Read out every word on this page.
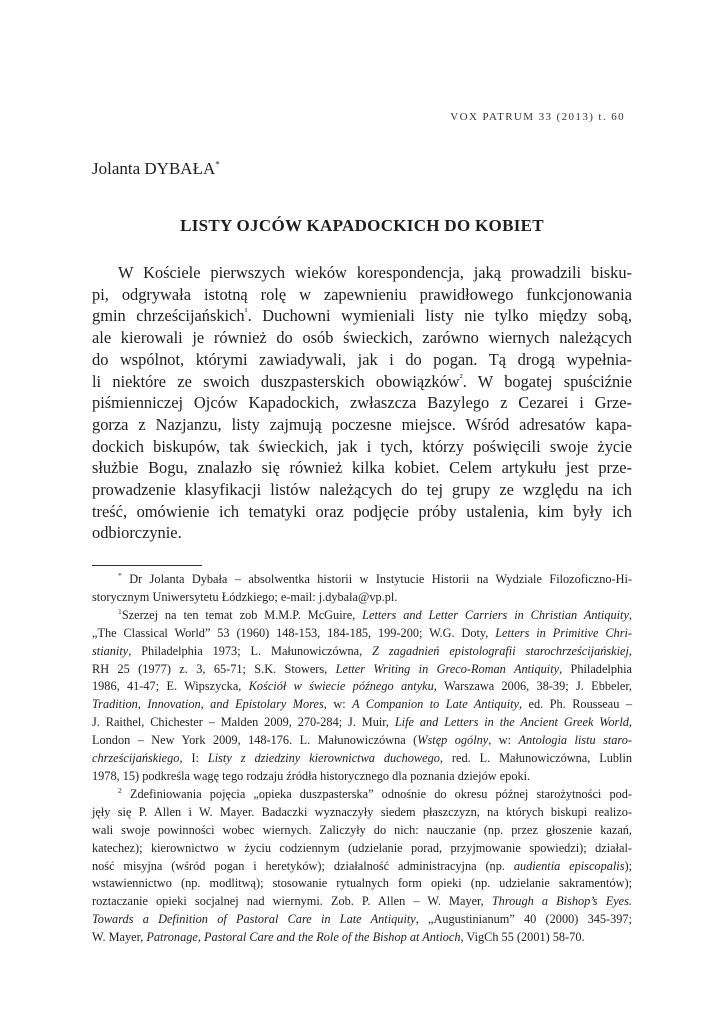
VOX PATRUM 33 (2013) t. 60
Jolanta DYBAŁA*
LISTY OJCÓW KAPADOCKICH DO KOBIET
W Kościele pierwszych wieków korespondencja, jaką prowadzili bisku-
pi, odgrywała istotną rolę w zapewnieniu prawidłowego funkcjonowania
gmin chrześcijańskich$^{^1}$. Duchowni wymieniali listy nie tylko między sobą,
ale kierowali je również do osób świeckich, zarówno wiernych należących
do wspólnot, którymi zawiadywali, jak i do pogan. Tą drogą wypełnia-
li niektóre ze swoich duszpasterskich obowiązków$^{^2}$. W bogatej spuściźnie
piśmienniczej Ojców Kapadockich, zwłaszcza Bazylego z Cezarei i Grze-
gorza z Nazjanzu, listy zajmują poczesne miejsce. Wśród adresatów kapa-
dockich biskupów, tak świeckich, jak i tych, którzy poświęcili swoje życie
służbie Bogu, znalazło się również kilka kobiet. Celem artykułu jest prze-
prowadzenie klasyfikacji listów należących do tej grupy ze względu na ich
treść, omówienie ich tematyki oraz podjęcie próby ustalenia, kim były ich
odbiorczynie.
* Dr Jolanta Dybała – absolwentka historii w Instytucie Historii na Wydziale Filozoficzno-Hi-
storycznym Uniwersytetu Łódzkiego; e-mail: j.dybala@vp.pl.
$^1$Szerzej na ten temat zob M.M.P. McGuire, Letters and Letter Carriers in Christian Antiquity,
„The Classical World” 53 (1960) 148-153, 184-185, 199-200; W.G. Doty, Letters in Primitive Chri-
stianity, Philadelphia 1973; L. Małunowiczówna, Z zagadnień epistolografii starochrześcijańskiej,
RH 25 (1977) z. 3, 65-71; S.K. Stowers, Letter Writing in Greco-Roman Antiquity, Philadelphia
1986, 41-47; E. Wipszycka, Kościół w świecie późnego antyku, Warszawa 2006, 38-39; J. Ebbeler,
Tradition, Innovation, and Epistolary Mores, w: A Companion to Late Antiquity, ed. Ph. Rousseau –
J. Raithel, Chichester – Malden 2009, 270-284; J. Muir, Life and Letters in the Ancient Greek World,
London – New York 2009, 148-176. L. Małunowiczówna (Wstęp ogólny, w: Antologia listu staro-
chrześcijańskiego, I: Listy z dziedziny kierownictwa duchowego, red. L. Małunowiczówna, Lublin
1978, 15) podkreśla wagę tego rodzaju źródła historycznego dla poznania dziejów epoki.
$^2$ Zdefiniowania pojęcia „opieka duszpasterska” odnośnie do okresu późnej starożytności pod-
jęły się P. Allen i W. Mayer. Badaczki wyznaczyły siedem płaszczyzn, na których biskupi realizo-
wali swoje powinności wobec wiernych. Zaliczyły do nich: nauczanie (np. przez głoszenie kazań,
katechez); kierownictwo w życiu codziennym (udzielanie porad, przyjmowanie spowiedzi); działal-
ność misyjna (wśród pogan i heretyków); działalność administracyjna (np. audientia episcopalis);
wstawiennictwo (np. modlitwą); stosowanie rytualnych form opieki (np. udzielanie sakramentów);
roztaczanie opieki socjalnej nad wiernymi. Zob. P. Allen – W. Mayer, Through a Bishop’s Eyes.
Towards a Definition of Pastoral Care in Late Antiquity, „Augustinianum” 40 (2000) 345-397;
W. Mayer, Patronage, Pastoral Care and the Role of the Bishop at Antioch, VigCh 55 (2001) 58-70.
